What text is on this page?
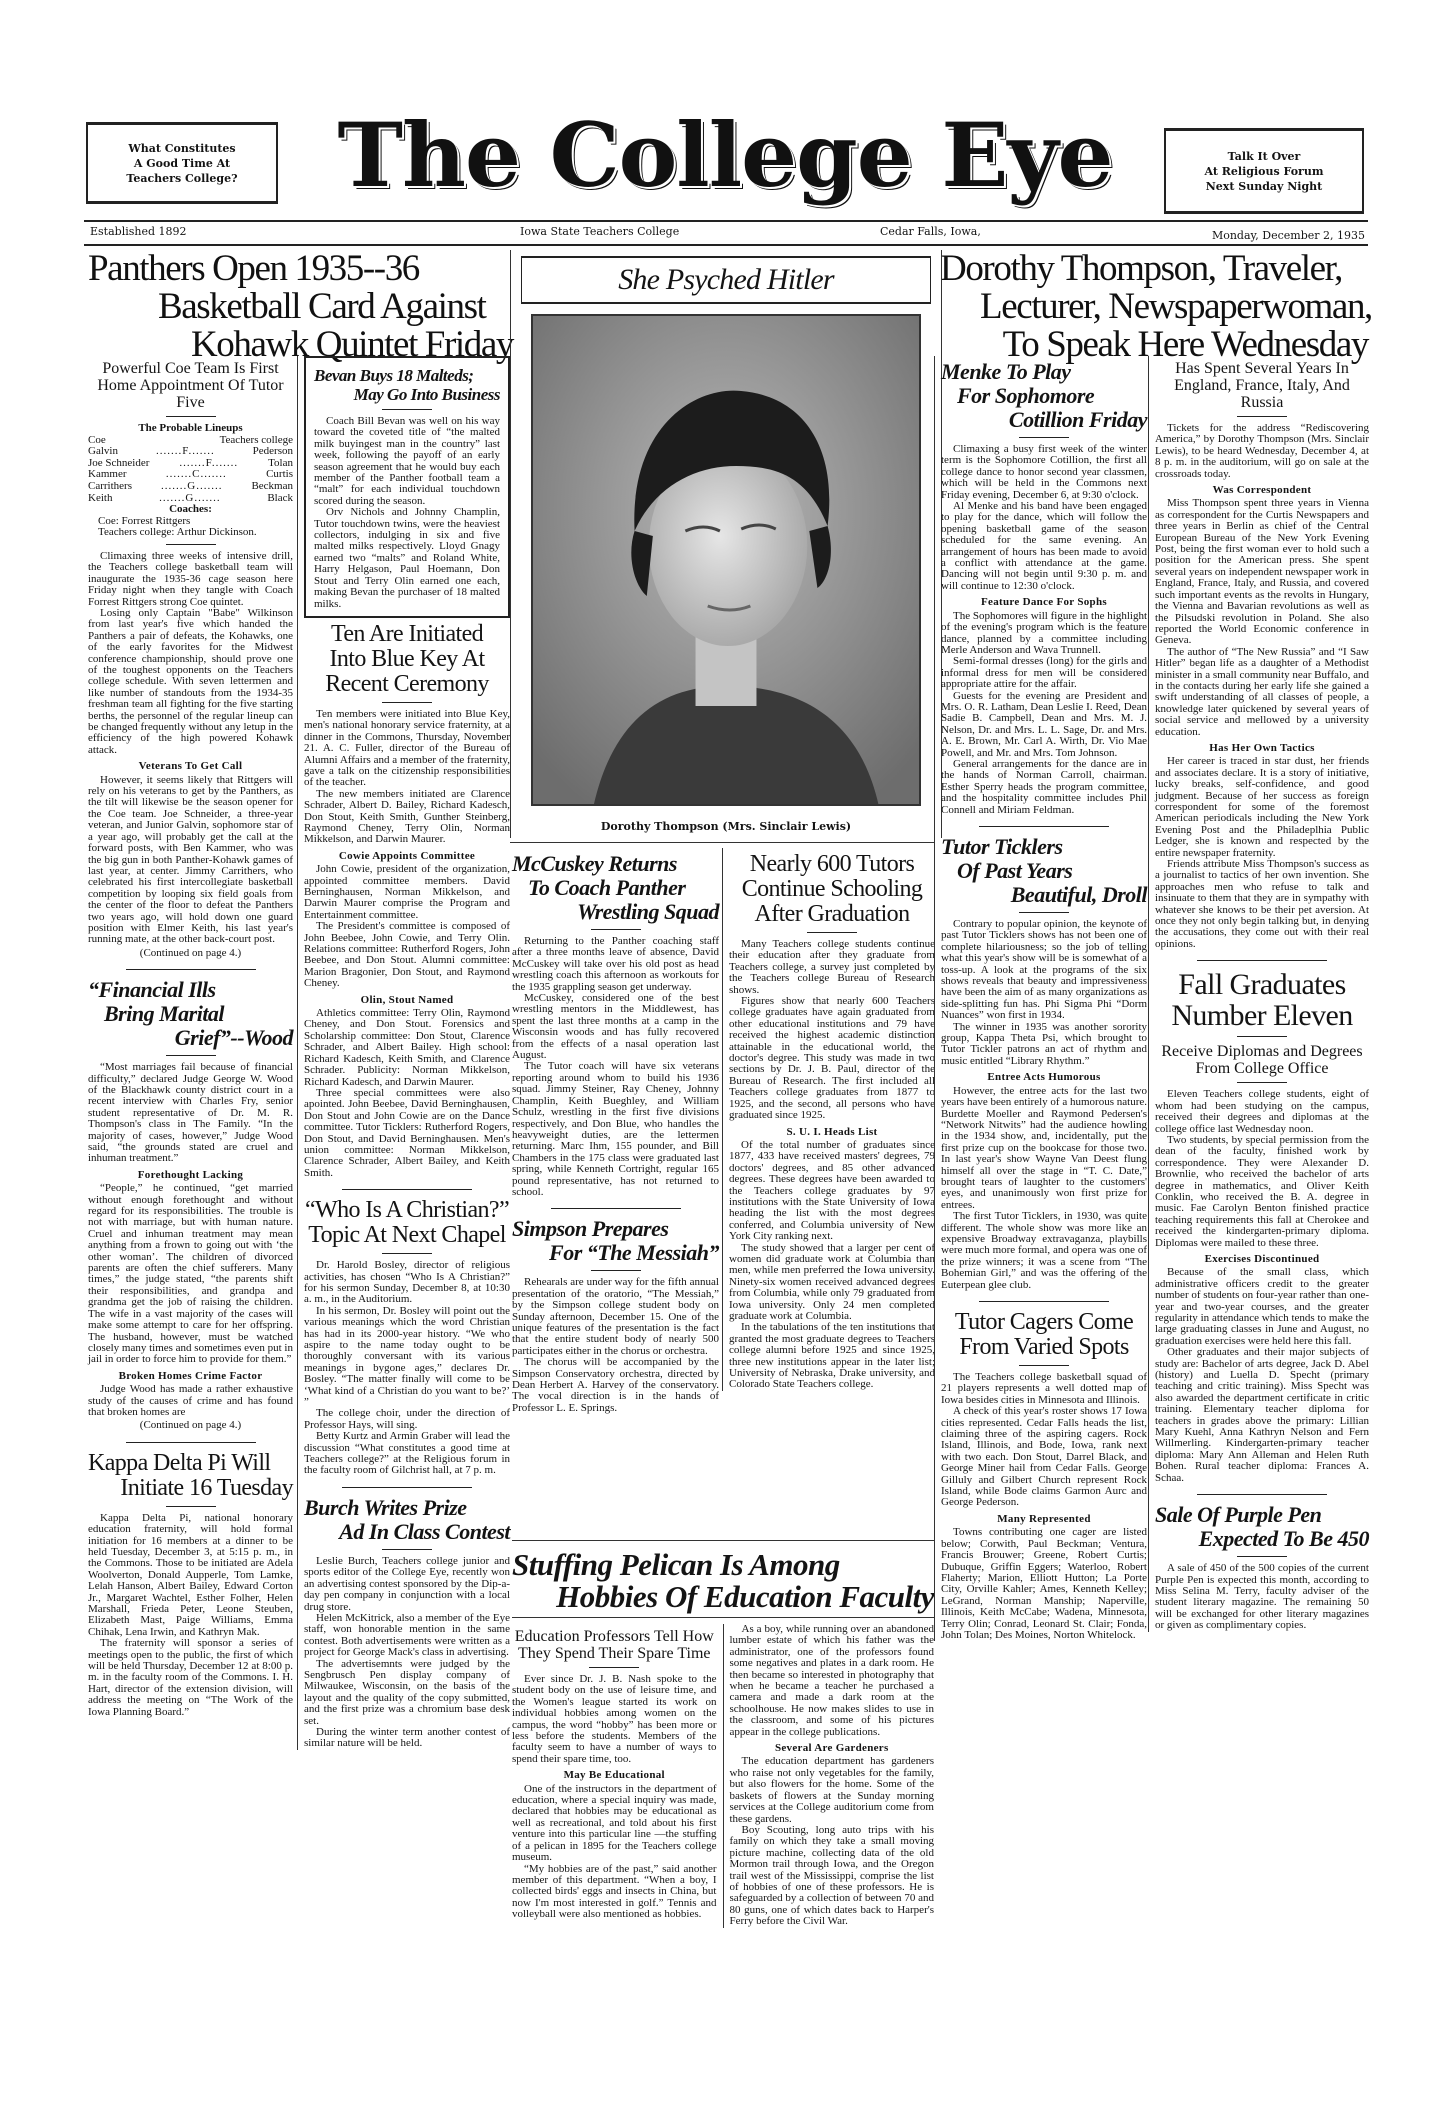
What Constitutes
A Good Time At
Teachers College?	The College Eye	Talk It Over
At Religious Forum
Next Sunday Night
Established 1892	Iowa State Teachers College	Cedar Falls, Iowa,	Monday, December 2, 1935
Panthers Open 1935--36
Basketball Card Against
Kohawk Quintet Friday
Dorothy Thompson, Traveler,
Lecturer, Newspaperwoman,
To Speak Here Wednesday
She Psyched Hitler
Dorothy Thompson (Mrs. Sinclair Lewis)
Powerful Coe Team Is First Home Appointment Of Tutor Five
The Probable Lineups
Coe	Teachers college
Galvin	.......F.......	Pederson
Joe Schneider	.......F.......	Tolan
Kammer	.......C.......	Curtis
Carrithers	.......G.......	Beckman
Keith	.......G.......	Black
Coaches:
Coe: Forrest Rittgers
Teachers college: Arthur Dickinson.

Climaxing three weeks of intensive drill, the Teachers college basketball team will inaugurate the 1935-36 cage season here Friday night when they tangle with Coach Forrest Rittgers strong Coe quintet.

Losing only Captain "Babe" Wilkinson from last year's five which handed the Panthers a pair of defeats, the Kohawks, one of the early favorites for the Midwest conference championship, should prove one of the toughest opponents on the Teachers college schedule. With seven lettermen and like number of standouts from the 1934-35 freshman team all fighting for the five starting berths, the personnel of the regular lineup can be changed frequently without any letup in the efficiency of the high powered Kohawk attack.

Veterans To Get Call

However, it seems likely that Rittgers will rely on his veterans to get by the Panthers, as the tilt will likewise be the season opener for the Coe team. Joe Schneider, a three-year veteran, and Junior Galvin, sophomore star of a year ago, will probably get the call at the forward posts, with Ben Kammer, who was the big gun in both Panther-Kohawk games of last year, at center. Jimmy Carrithers, who celebrated his first intercollegiate basketball competition by looping six field goals from the center of the floor to defeat the Panthers two years ago, will hold down one guard position with Elmer Keith, his last year's running mate, at the other back-court post.

(Continued on page 4.)
“Financial Ills
Bring Marital
Grief”--Wood

“Most marriages fail because of financial difficulty,” declared Judge George W. Wood of the Blackhawk county district court in a recent interview with Charles Fry, senior student representative of Dr. M. R. Thompson's class in The Family. “In the majority of cases, however,” Judge Wood said, “the grounds stated are cruel and inhuman treatment.”

Forethought Lacking

“People,” he continued, “get married without enough forethought and without regard for its responsibilities. The trouble is not with marriage, but with human nature. Cruel and inhuman treatment may mean anything from a frown to going out with ‘the other woman’. The children of divorced parents are often the chief sufferers. Many times,” the judge stated, “the parents shift their responsibilities, and grandpa and grandma get the job of raising the children. The wife in a vast majority of the cases will make some attempt to care for her offspring. The husband, however, must be watched closely many times and sometimes even put in jail in order to force him to provide for them.”

Broken Homes Crime Factor

Judge Wood has made a rather exhaustive study of the causes of crime and has found that broken homes are

(Continued on page 4.)
Kappa Delta Pi Will
Initiate 16 Tuesday

Kappa Delta Pi, national honorary education fraternity, will hold formal initiation for 16 members at a dinner to be held Tuesday, December 3, at 5:15 p. m., in the Commons. Those to be initiated are Adela Woolverton, Donald Aupperle, Tom Lamke, Lelah Hanson, Albert Bailey, Edward Corton Jr., Margaret Wachtel, Esther Folher, Helen Marshall, Frieda Peter, Leone Steuben, Elizabeth Mast, Paige Williams, Emma Chihak, Lena Irwin, and Kathryn Mak.

The fraternity will sponsor a series of meetings open to the public, the first of which will be held Thursday, December 12 at 8:00 p. m. in the faculty room of the Commons. I. H. Hart, director of the extension division, will address the meeting on “The Work of the Iowa Planning Board.”

Bevan Buys 18 Malteds;
May Go Into Business

Coach Bill Bevan was well on his way toward the coveted title of “the malted milk buyingest man in the country” last week, following the payoff of an early season agreement that he would buy each member of the Panther football team a “malt” for each individual touchdown scored during the season.

Orv Nichols and Johnny Champlin, Tutor touchdown twins, were the heaviest collectors, indulging in six and five malted milks respectively. Lloyd Gnagy earned two “malts” and Roland White, Harry Helgason, Paul Hoemann, Don Stout and Terry Olin earned one each, making Bevan the purchaser of 18 malted milks.

Ten Are Initiated
Into Blue Key At
Recent Ceremony

Ten members were initiated into Blue Key, men's national honorary service fraternity, at a dinner in the Commons, Thursday, November 21. A. C. Fuller, director of the Bureau of Alumni Affairs and a member of the fraternity, gave a talk on the citizenship responsibilities of the teacher.

The new members initiated are Clarence Schrader, Albert D. Bailey, Richard Kadesch, Don Stout, Keith Smith, Gunther Steinberg, Raymond Cheney, Terry Olin, Norman Mikkelson, and Darwin Maurer.

Cowie Appoints Committee

John Cowie, president of the organization, appointed committee members. David Berninghausen, Norman Mikkelson, and Darwin Maurer comprise the Program and Entertainment committee.

The President's committee is composed of John Beebee, John Cowie, and Terry Olin. Relations committee: Rutherford Rogers, John Beebee, and Don Stout. Alumni committee: Marion Bragonier, Don Stout, and Raymond Cheney.

Olin, Stout Named

Athletics committee: Terry Olin, Raymond Cheney, and Don Stout. Forensics and Scholarship committee: Don Stout, Clarence Schrader, and Albert Bailey. High school: Richard Kadesch, Keith Smith, and Clarence Schrader. Publicity: Norman Mikkelson, Richard Kadesch, and Darwin Maurer.

Three special committees were also apointed. John Beebee, David Berninghausen, Don Stout and John Cowie are on the Dance committee. Tutor Ticklers: Rutherford Rogers, Don Stout, and David Berninghausen. Men's union committee: Norman Mikkelson, Clarence Schrader, Albert Bailey, and Keith Smith.

“Who Is A Christian?”
Topic At Next Chapel

Dr. Harold Bosley, director of religious activities, has chosen “Who Is A Christian?” for his sermon Sunday, December 8, at 10:30 a. m., in the Auditorium.

In his sermon, Dr. Bosley will point out the various meanings which the word Christian has had in its 2000-year history. “We who aspire to the name today ought to be thoroughly conversant with its various meanings in bygone ages,” declares Dr. Bosley. “The matter finally will come to be ‘What kind of a Christian do you want to be?’ ”

The college choir, under the direction of Professor Hays, will sing.

Betty Kurtz and Armin Graber will lead the discussion “What constitutes a good time at Teachers college?” at the Religious forum in the faculty room of Gilchrist hall, at 7 p. m.

Burch Writes Prize
Ad In Class Contest

Leslie Burch, Teachers college junior and sports editor of the College Eye, recently won an advertising contest sponsored by the Dip-a-day pen company in conjunction with a local drug store.

Helen McKitrick, also a member of the Eye staff, won honorable mention in the same contest. Both advertisements were written as a project for George Mack's class in advertising.

The advertisemnts were judged by the Sengbrusch Pen display company of Milwaukee, Wisconsin, on the basis of the layout and the quality of the copy submitted, and the first prize was a chromium base desk set.

During the winter term another contest of similar nature will be held.

McCuskey Returns
To Coach Panther
Wrestling Squad

Returning to the Panther coaching staff after a three months leave of absence, David McCuskey will take over his old post as head wrestling coach this afternoon as workouts for the 1935 grappling season get underway.

McCuskey, considered one of the best wrestling mentors in the Middlewest, has spent the last three months at a camp in the Wisconsin woods and has fully recovered from the effects of a nasal operation last August.

The Tutor coach will have six veterans reporting around whom to build his 1936 squad. Jimmy Steiner, Ray Cheney, Johnny Champlin, Keith Bueghley, and William Schulz, wrestling in the first five divisions respectively, and Don Blue, who handles the heavyweight duties, are the lettermen returning. Marc Ihm, 155 pounder, and Bill Chambers in the 175 class were graduated last spring, while Kenneth Cortright, regular 165 pound representative, has not returned to school.

Simpson Prepares
For “The Messiah”

Rehearals are under way for the fifth annual presentation of the oratorio, “The Messiah,” by the Simpson college student body on Sunday afternoon, December 15. One of the unique features of the presentation is the fact that the entire student body of nearly 500 participates either in the chorus or orchestra.

The chorus will be accompanied by the Simpson Conservatory orchestra, directed by Dean Herbert A. Harvey of the conservatory. The vocal direction is in the hands of Professor L. E. Springs.

Nearly 600 Tutors
Continue Schooling
After Graduation

Many Teachers college students continue their education after they graduate from Teachers college, a survey just completed by the Teachers college Bureau of Research shows.

Figures show that nearly 600 Teachers college graduates have again graduated from other educational institutions and 79 have received the highest academic distinction attainable in the educational world, the doctor's degree. This study was made in two sections by Dr. J. B. Paul, director of the Bureau of Research. The first included all Teachers college graduates from 1877 to 1925, and the second, all persons who have graduated since 1925.

S. U. I. Heads List

Of the total number of graduates since 1877, 433 have received masters' degrees, 79 doctors' degrees, and 85 other advanced degrees. These degrees have been awarded to the Teachers college graduates by 97 institutions with the State University of Iowa heading the list with the most degrees conferred, and Columbia university of New York City ranking next.

The study showed that a larger per cent of women did graduate work at Columbia than men, while men preferred the Iowa university. Ninety-six women received advanced degrees from Columbia, while only 79 graduated from Iowa university. Only 24 men completed graduate work at Columbia.

In the tabulations of the ten institutions that granted the most graduate degrees to Teachers college alumni before 1925 and since 1925, three new institutions appear in the later list; University of Nebraska, Drake university, and Colorado State Teachers college.

Stuffing Pelican Is Among
Hobbies Of Education Faculty
Education Professors Tell How They Spend Their Spare Time

Ever since Dr. J. B. Nash spoke to the student body on the use of leisure time, and the Women's league started its work on individual hobbies among women on the campus, the word “hobby” has been more or less before the students. Members of the faculty seem to have a number of ways to spend their spare time, too.

May Be Educational

One of the instructors in the department of education, where a special inquiry was made, declared that hobbies may be educational as well as recreational, and told about his first venture into this particular line —the stuffing of a pelican in 1895 for the Teachers college museum.

“My hobbies are of the past,” said another member of this department. “When a boy, I collected birds' eggs and insects in China, but now I'm most interested in golf.” Tennis and volleyball were also mentioned as hobbies.

As a boy, while running over an abandoned lumber estate of which his father was the administrator, one of the professors found some negatives and plates in a dark room. He then became so interested in photography that when he became a teacher he purchased a camera and made a dark room at the schoolhouse. He now makes slides to use in the classroom, and some of his pictures appear in the college publications.

Several Are Gardeners

The education department has gardeners who raise not only vegetables for the family, but also flowers for the home. Some of the baskets of flowers at the Sunday morning services at the College auditorium come from these gardens.

Boy Scouting, long auto trips with his family on which they take a small moving picture machine, collecting data of the old Mormon trail through Iowa, and the Oregon trail west of the Mississippi, comprise the list of hobbies of one of these professors. He is safeguarded by a collection of between 70 and 80 guns, one of which dates back to Harper's Ferry before the Civil War.

Menke To Play
For Sophomore
Cotillion Friday

Climaxing a busy first week of the winter term is the Sophomore Cotillion, the first all college dance to honor second year classmen, which will be held in the Commons next Friday evening, December 6, at 9:30 o'clock.

Al Menke and his band have been engaged to play for the dance, which will follow the opening basketball game of the season scheduled for the same evening. An arrangement of hours has been made to avoid a conflict with attendance at the game. Dancing will not begin until 9:30 p. m. and will continue to 12:30 o'clock.

Feature Dance For Sophs

The Sophomores will figure in the highlight of the evening's program which is the feature dance, planned by a committee including Merle Anderson and Wava Trunnell.

Semi-formal dresses (long) for the girls and informal dress for men will be considered appropriate attire for the affair.

Guests for the evening are President and Mrs. O. R. Latham, Dean Leslie I. Reed, Dean Sadie B. Campbell, Dean and Mrs. M. J. Nelson, Dr. and Mrs. L. L. Sage, Dr. and Mrs. A. E. Brown, Mr. Carl A. Wirth, Dr. Vio Mae Powell, and Mr. and Mrs. Tom Johnson.

General arrangements for the dance are in the hands of Norman Carroll, chairman. Esther Sperry heads the program committee, and the hospitality committee includes Phil Connell and Miriam Feldman.

Tutor Ticklers
Of Past Years
Beautiful, Droll

Contrary to popular opinion, the keynote of past Tutor Ticklers shows has not been one of complete hilariousness; so the job of telling what this year's show will be is somewhat of a toss-up. A look at the programs of the six shows reveals that beauty and impressiveness have been the aim of as many organizations as side-splitting fun has. Phi Sigma Phi “Dorm Nuances” won first in 1934.

The winner in 1935 was another sorority group, Kappa Theta Psi, which brought to Tutor Tickler patrons an act of rhythm and music entitled “Library Rhythm.”

Entree Acts Humorous

However, the entree acts for the last two years have been entirely of a humorous nature. Burdette Moeller and Raymond Pedersen's “Network Nitwits” had the audience howling in the 1934 show, and, incidentally, put the first prize cup on the bookcase for those two. In last year's show Wayne Van Deest flung himself all over the stage in “T. C. Date,” brought tears of laughter to the customers' eyes, and unanimously won first prize for entrees.

The first Tutor Ticklers, in 1930, was quite different. The whole show was more like an expensive Broadway extravaganza, playbills were much more formal, and opera was one of the prize winners; it was a scene from “The Bohemian Girl,” and was the offering of the Euterpean glee club.

Tutor Cagers Come
From Varied Spots

The Teachers college basketball squad of 21 players represents a well dotted map of Iowa besides cities in Minnesota and Illinois.

A check of this year's roster shows 17 Iowa cities represented. Cedar Falls heads the list, claiming three of the aspiring cagers. Rock Island, Illinois, and Bode, Iowa, rank next with two each. Don Stout, Darrel Black, and George Miner hail from Cedar Falls. George Gilluly and Gilbert Church represent Rock Island, while Bode claims Garmon Aurc and George Pederson.

Many Represented

Towns contributing one cager are listed below; Corwith, Paul Beckman; Ventura, Francis Brouwer; Greene, Robert Curtis; Dubuque, Griffin Eggers; Waterloo, Robert Flaherty; Marion, Elliott Hutton; La Porte City, Orville Kahler; Ames, Kenneth Kelley; LeGrand, Norman Manship; Naperville, Illinois, Keith McCabe; Wadena, Minnesota, Terry Olin; Conrad, Leonard St. Clair; Fonda, John Tolan; Des Moines, Norton Whitelock.

Has Spent Several Years In England, France, Italy, And Russia

Tickets for the address “Rediscovering America,” by Dorothy Thompson (Mrs. Sinclair Lewis), to be heard Wednesday, December 4, at 8 p. m. in the auditorium, will go on sale at the crossroads today.

Was Correspondent

Miss Thompson spent three years in Vienna as correspondent for the Curtis Newspapers and three years in Berlin as chief of the Central European Bureau of the New York Evening Post, being the first woman ever to hold such a position for the American press. She spent several years on independent newspaper work in England, France, Italy, and Russia, and covered such important events as the revolts in Hungary, the Vienna and Bavarian revolutions as well as the Pilsudski revolution in Poland. She also reported the World Economic conference in Geneva.

The author of “The New Russia” and “I Saw Hitler” began life as a daughter of a Methodist minister in a small community near Buffalo, and in the contacts during her early life she gained a swift understanding of all classes of people, a knowledge later quickened by several years of social service and mellowed by a university education.

Has Her Own Tactics

Her career is traced in star dust, her friends and associates declare. It is a story of initiative, lucky breaks, self-confidence, and good judgment. Because of her success as foreign correspondent for some of the foremost American periodicals including the New York Evening Post and the Philadeplhia Public Ledger, she is known and respected by the entire newspaper fraternity.

Friends attribute Miss Thompson's success as a journalist to tactics of her own invention. She approaches men who refuse to talk and insinuate to them that they are in sympathy with whatever she knows to be their pet aversion. At once they not only begin talking but, in denying the accusations, they come out with their real opinions.

Fall Graduates
Number Eleven
Receive Diplomas and Degrees From College Office

Eleven Teachers college students, eight of whom had been studying on the campus, received their degrees and diplomas at the college office last Wednesday noon.

Two students, by special permission from the dean of the faculty, finished work by correspondence. They were Alexander D. Brownlie, who received the bachelor of arts degree in mathematics, and Oliver Keith Conklin, who received the B. A. degree in music. Fae Carolyn Benton finished practice teaching requirements this fall at Cherokee and received the kindergarten-primary diploma. Diplomas were mailed to these three.

Exercises Discontinued

Because of the small class, which administrative officers credit to the greater number of students on four-year rather than one-year and two-year courses, and the greater regularity in attendance which tends to make the large graduating classes in June and August, no graduation exercises were held here this fall.

Other graduates and their major subjects of study are: Bachelor of arts degree, Jack D. Abel (history) and Luella D. Specht (primary teaching and critic training). Miss Specht was also awarded the department certificate in critic training. Elementary teacher diploma for teachers in grades above the primary: Lillian Mary Kuehl, Anna Kathryn Nelson and Fern Willmerling. Kindergarten-primary teacher diploma: Mary Ann Alleman and Helen Ruth Bohen. Rural teacher diploma: Frances A. Schaa.

Sale Of Purple Pen
Expected To Be 450

A sale of 450 of the 500 copies of the current Purple Pen is expected this month, according to Miss Selina M. Terry, faculty adviser of the student literary magazine. The remaining 50 will be exchanged for other literary magazines or given as complimentary copies.
